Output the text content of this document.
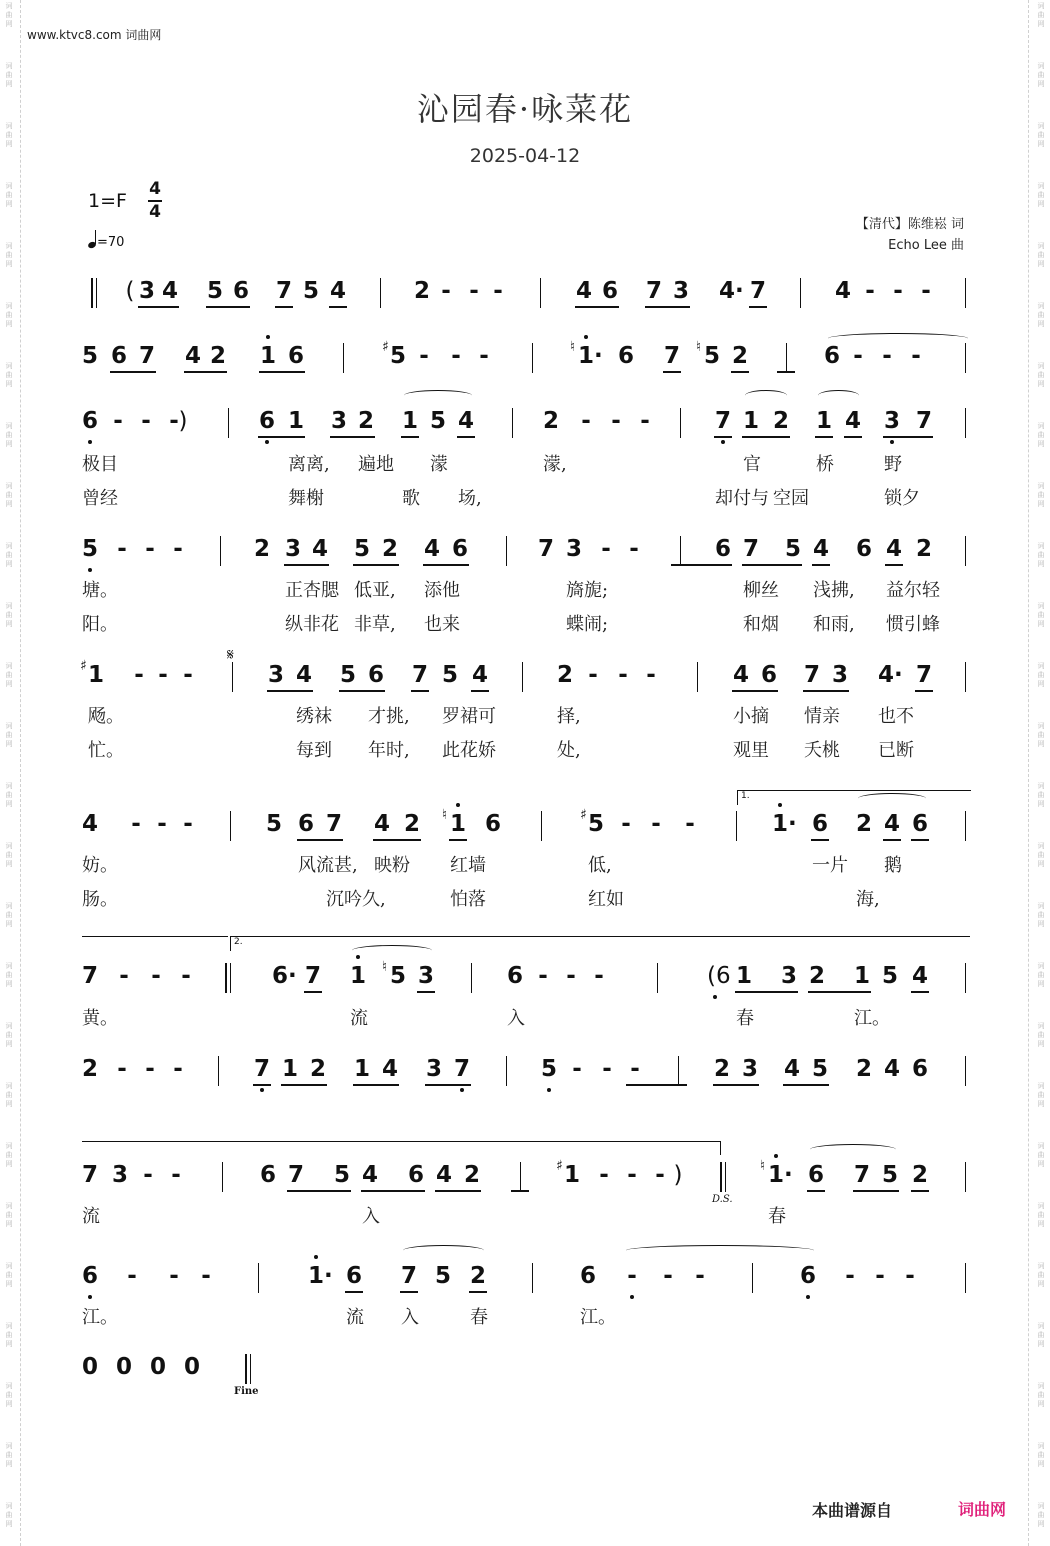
词
曲
网
词
曲
网
词
曲
网
词
曲
网
词
曲
网
词
曲
网
词
曲
网
词
曲
网
词
曲
网
词
曲
网
词
曲
网
词
曲
网
词
曲
网
词
曲
网
词
曲
网
词
曲
网
词
曲
网
词
曲
网
词
曲
网
词
曲
网
词
曲
网
词
曲
网
词
曲
网
词
曲
网
词
曲
网
词
曲
网
词
曲
网
词
曲
网
词
曲
网
词
曲
网
词
曲
网
词
曲
网
词
曲
网
词
曲
网
词
曲
网
词
曲
网
词
曲
网
词
曲
网
词
曲
网
词
曲
网
词
曲
网
词
曲
网
词
曲
网
词
曲
网
词
曲
网
词
曲
网
词
曲
网
词
曲
网
词
曲
网
词
曲
网
词
曲
网
词
曲
网
www.ktvc8.com 词曲网
沁园春·咏菜花
2025-04-12
1=F
4
4
=70
【清代】陈维崧 词
Echo Lee 曲
( 3 4 5 6 7 5 4	2 - - -	4 6 7 3 4· 7	4 - - -
5 6 7 4 2 1 6	♯ 5 - - -	♮ 1· 6 7 ♮ 5 2	6 - - -
6 - - - )	6 1 3 2 1 5 4	2 - - -	7 1 2 1 4 3 7
极目	离离, 遍地 濛	濛,	官	桥	野
曾经	舞榭	歌 场,	却付与 空园	锁夕
5 - - -	2 3 4 5 2 4 6	7 3 - -	6 7 5 4 6 4 2
塘。	正杏腮 低亚, 添他	旖旎;	柳丝 浅拂, 益尔轻
阳。	纵非花 非草, 也来	蝶闹;	和烟 和雨, 惯引蜂
♯ 1 - - -	3 4 5 6 7 5 4	2 - - -	4 6 7 3 4· 7
飏。	绣袜 才挑, 罗裙可	择,	小摘 情亲 也不
忙。	每到 年时, 此花娇	处,	观里 夭桃 已断
4 - - -	5 6 7 4 2 ♮ 1 6	♯ 5 - - -	1· 6 2 4 6
妨。	风流甚, 映粉 红墙	低,	一片 鹅
肠。	沉吟久,	怕落	红如	海,
7 - - -	6· 7 1 ♮ 5 3	6 - - -	(6 1 3 2 1 5 4
黄。	流	入	春	江。
2 - - -	7 1 2 1 4 3 7	5 - - -	2 3 4 5 2 4 6
7 3 - -	6 7 5 4 6 4 2	♯ 1 - - - )	♮ 1· 6 7 5 2
流	入	春
6 - - -	1· 6 7 5 2	6 - - -	6 - - -
江。	流 入	春	江。
0 0 0 0
𝄋
1.
2.
D.S.
Fine
本曲谱源自	词曲网
